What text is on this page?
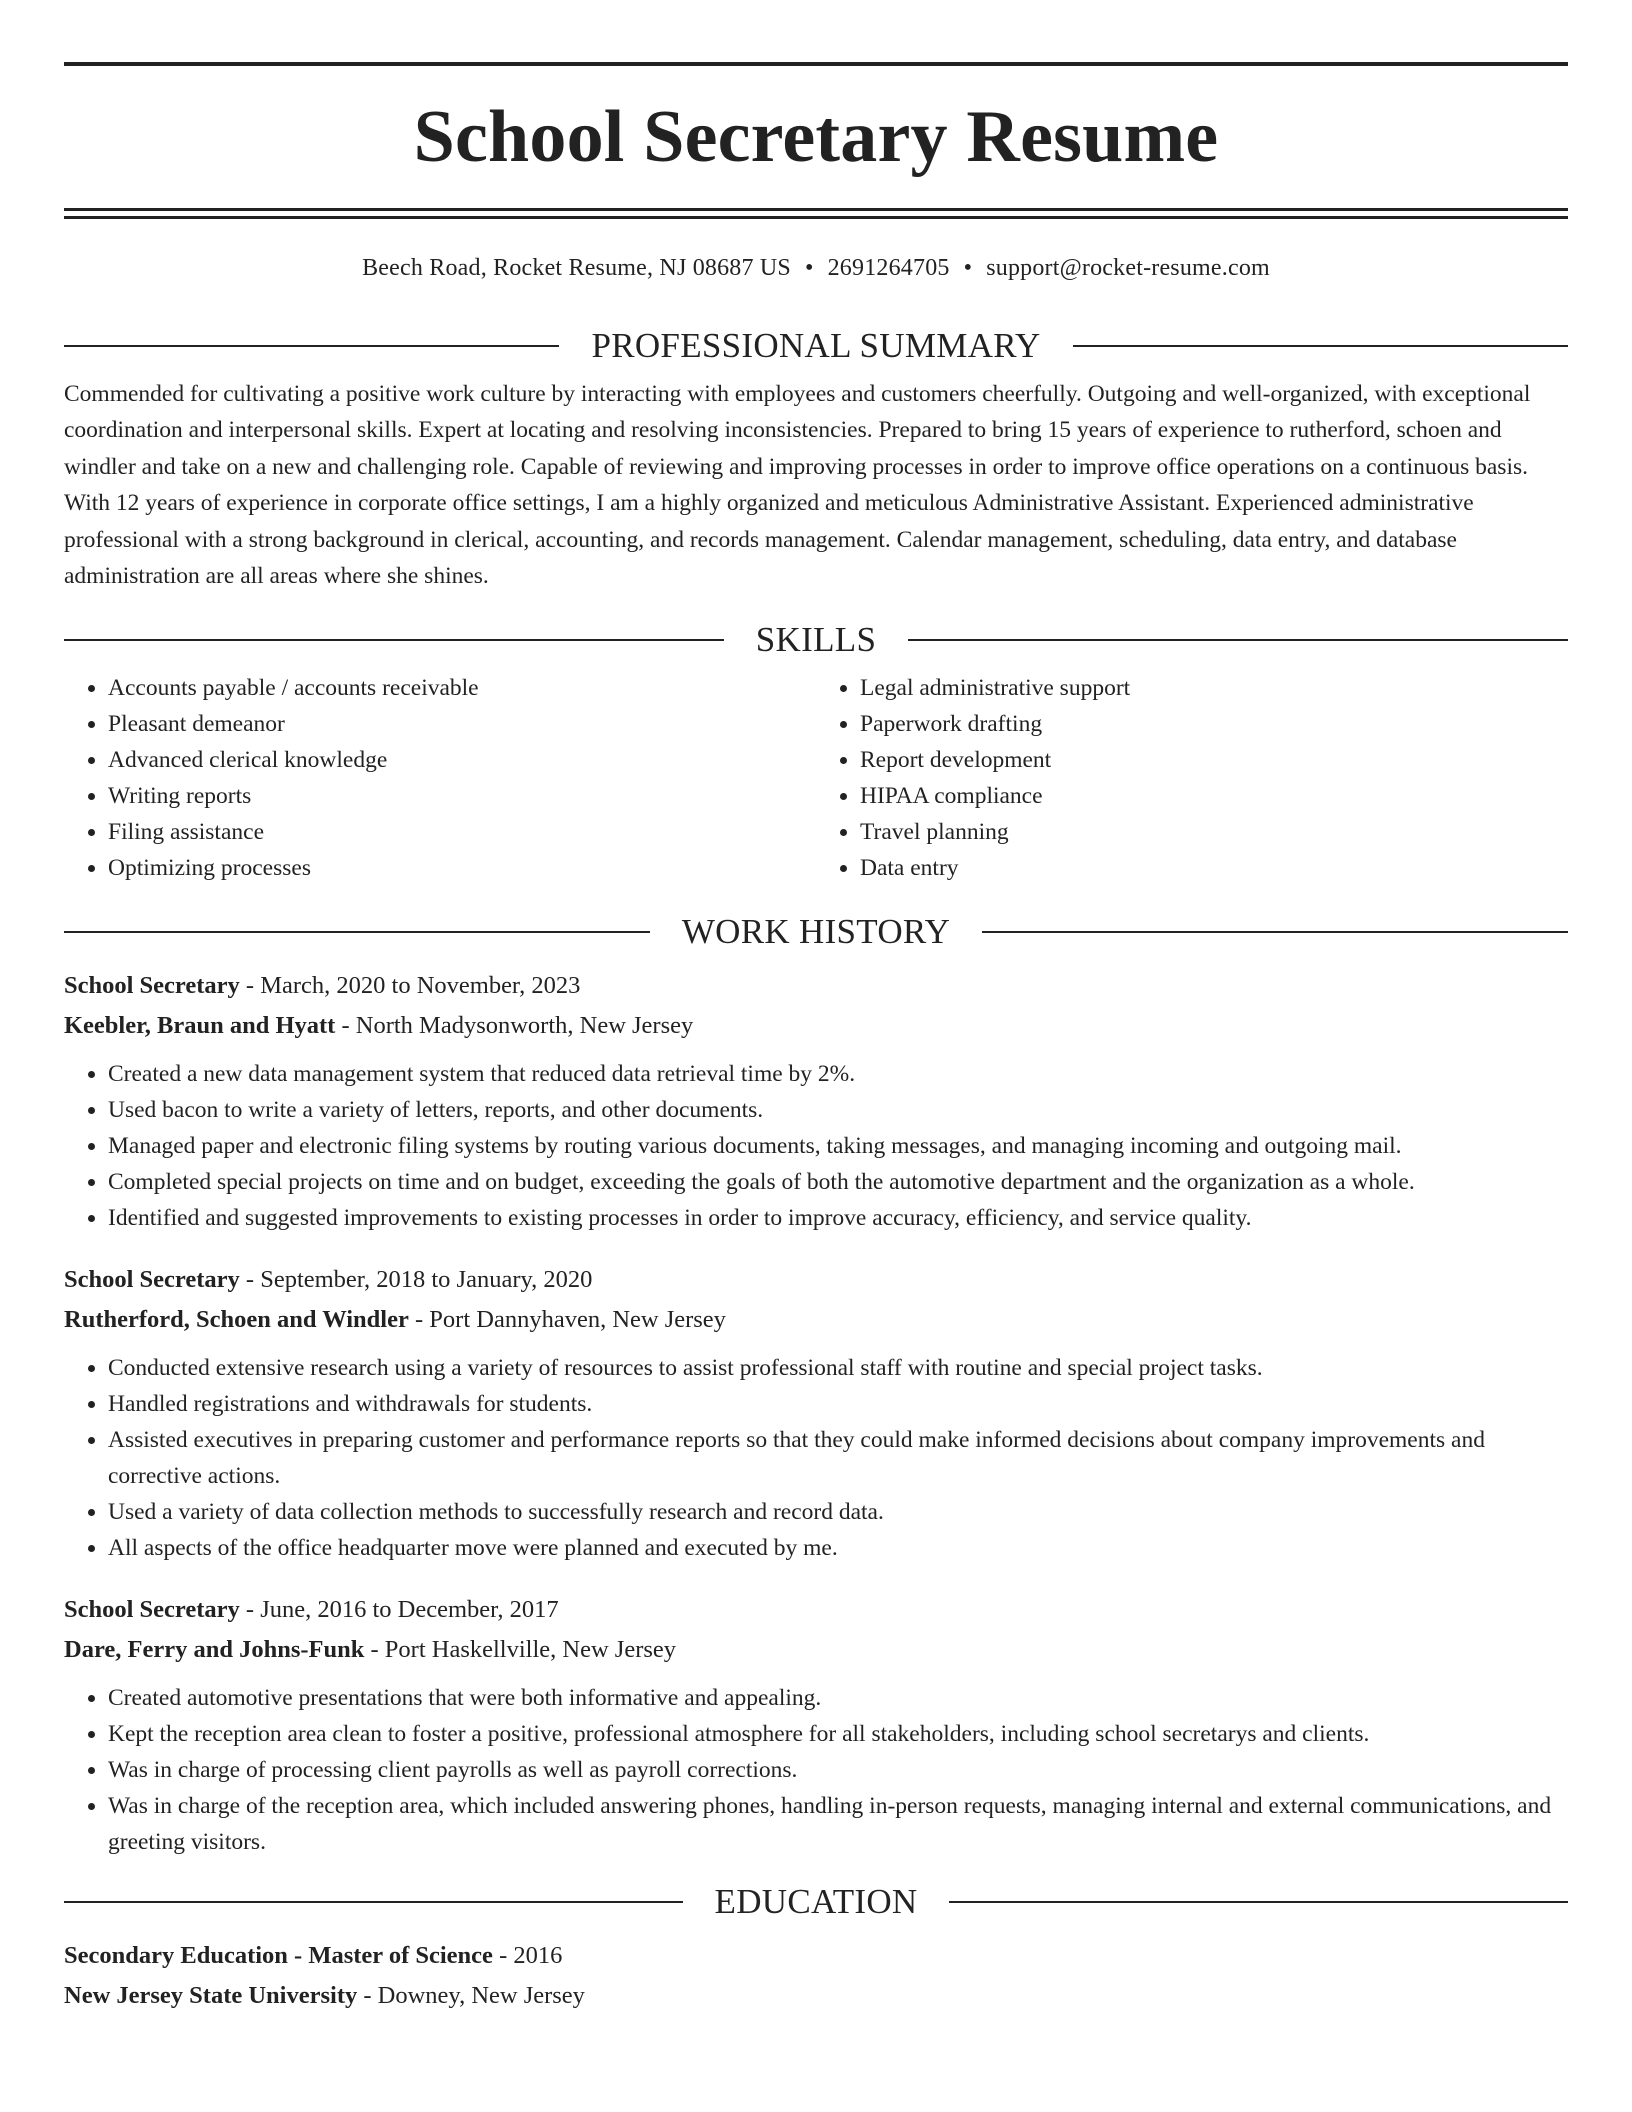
School Secretary Resume
Beech Road, Rocket Resume, NJ 08687 US • 2691264705 • support@rocket-resume.com
PROFESSIONAL SUMMARY

Commended for cultivating a positive work culture by interacting with employees and customers cheerfully. Outgoing and well-organized, with exceptional coordination and interpersonal skills. Expert at locating and resolving inconsistencies. Prepared to bring 15 years of experience to rutherford, schoen and windler and take on a new and challenging role. Capable of reviewing and improving processes in order to improve office operations on a continuous basis. With 12 years of experience in corporate office settings, I am a highly organized and meticulous Administrative Assistant. Experienced administrative professional with a strong background in clerical, accounting, and records management. Calendar management, scheduling, data entry, and database administration are all areas where she shines.

SKILLS
• Accounts payable / accounts receivable
• Pleasant demeanor
• Advanced clerical knowledge
• Writing reports
• Filing assistance
• Optimizing processes
• Legal administrative support
• Paperwork drafting
• Report development
• HIPAA compliance
• Travel planning
• Data entry
WORK HISTORY
School Secretary - March, 2020 to November, 2023
Keebler, Braun and Hyatt - North Madysonworth, New Jersey
• Created a new data management system that reduced data retrieval time by 2%.
• Used bacon to write a variety of letters, reports, and other documents.
• Managed paper and electronic filing systems by routing various documents, taking messages, and managing incoming and outgoing mail.
• Completed special projects on time and on budget, exceeding the goals of both the automotive department and the organization as a whole.
• Identified and suggested improvements to existing processes in order to improve accuracy, efficiency, and service quality.
School Secretary - September, 2018 to January, 2020
Rutherford, Schoen and Windler - Port Dannyhaven, New Jersey
• Conducted extensive research using a variety of resources to assist professional staff with routine and special project tasks.
• Handled registrations and withdrawals for students.
• Assisted executives in preparing customer and performance reports so that they could make informed decisions about company improvements and corrective actions.
• Used a variety of data collection methods to successfully research and record data.
• All aspects of the office headquarter move were planned and executed by me.
School Secretary - June, 2016 to December, 2017
Dare, Ferry and Johns-Funk - Port Haskellville, New Jersey
• Created automotive presentations that were both informative and appealing.
• Kept the reception area clean to foster a positive, professional atmosphere for all stakeholders, including school secretarys and clients.
• Was in charge of processing client payrolls as well as payroll corrections.
• Was in charge of the reception area, which included answering phones, handling in-person requests, managing internal and external communications, and greeting visitors.
EDUCATION
Secondary Education - Master of Science - 2016
New Jersey State University - Downey, New Jersey
